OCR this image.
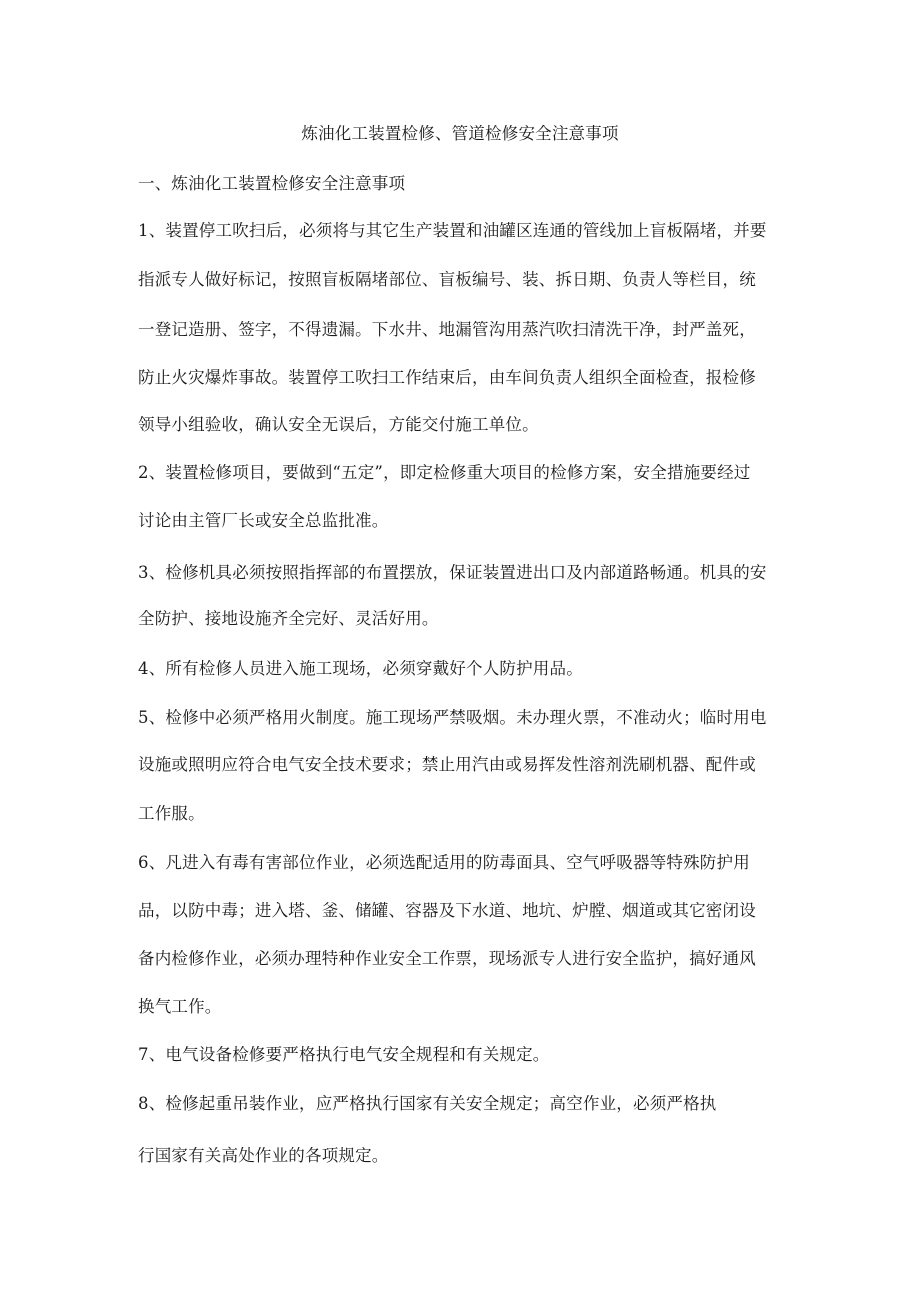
炼油化工装置检修、管道检修安全注意事项
一、炼油化工装置检修安全注意事项
1、装置停工吹扫后，必须将与其它生产装置和油罐区连通的管线加上盲板隔堵，并要
指派专人做好标记，按照盲板隔堵部位、盲板编号、装、拆日期、负责人等栏目，统
一登记造册、签字，不得遗漏。下水井、地漏管沟用蒸汽吹扫清洗干净，封严盖死，
防止火灾爆炸事故。装置停工吹扫工作结束后，由车间负责人组织全面检查，报检修
领导小组验收，确认安全无误后，方能交付施工单位。
2、装置检修项目，要做到“五定”，即定检修重大项目的检修方案，安全措施要经过
讨论由主管厂长或安全总监批准。
3、检修机具必须按照指挥部的布置摆放，保证装置进出口及内部道路畅通。机具的安
全防护、接地设施齐全完好、灵活好用。
4、所有检修人员进入施工现场，必须穿戴好个人防护用品。
5、检修中必须严格用火制度。施工现场严禁吸烟。未办理火票，不准动火；临时用电
设施或照明应符合电气安全技术要求；禁止用汽由或易挥发性溶剂洗刷机器、配件或
工作服。
6、凡进入有毒有害部位作业，必须选配适用的防毒面具、空气呼吸器等特殊防护用
品，以防中毒；进入塔、釜、储罐、容器及下水道、地坑、炉膛、烟道或其它密闭设
备内检修作业，必须办理特种作业安全工作票，现场派专人进行安全监护，搞好通风
换气工作。
7、电气设备检修要严格执行电气安全规程和有关规定。
8、检修起重吊装作业，应严格执行国家有关安全规定；高空作业，必须严格执
行国家有关高处作业的各项规定。
